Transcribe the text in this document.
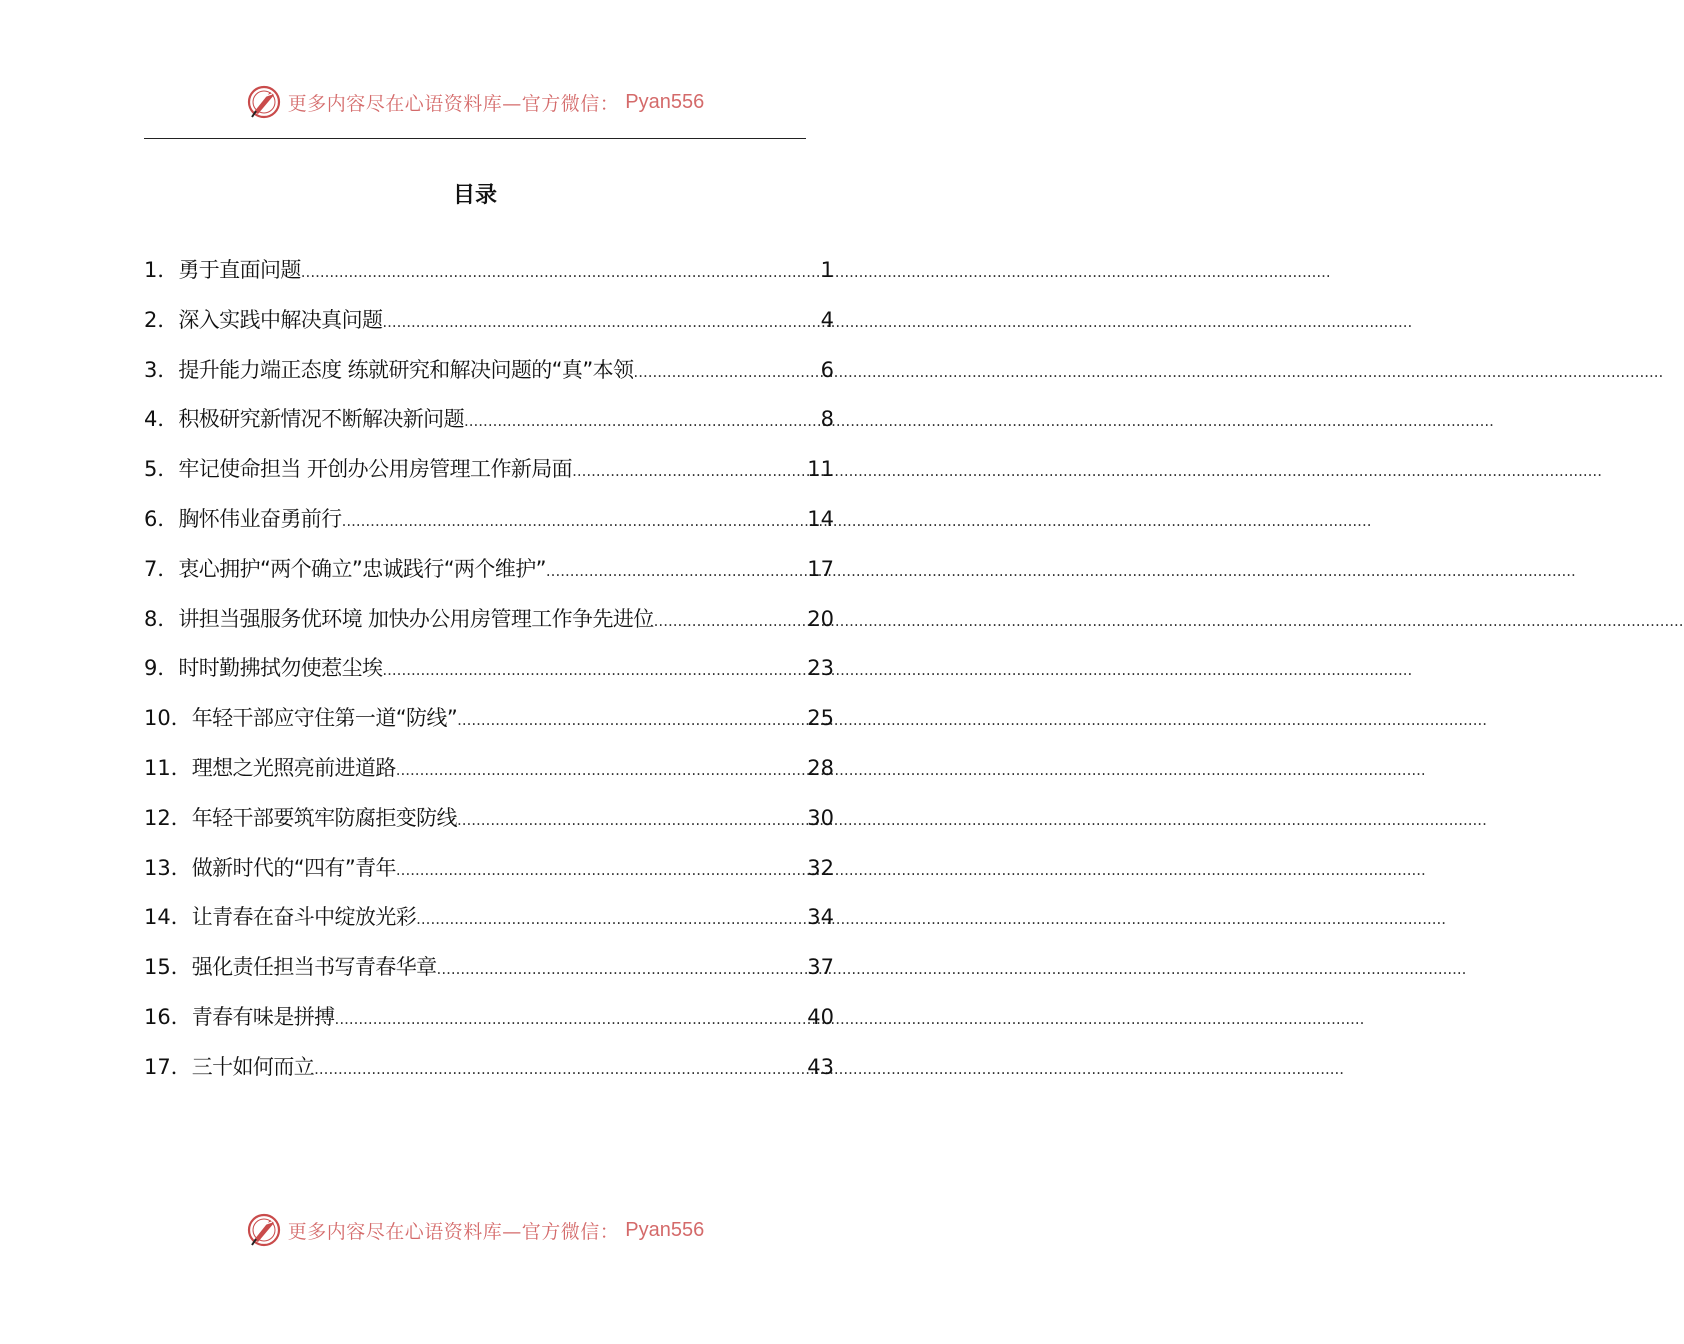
更多内容尽在心语资料库—官方微信： Pyan556
目录
1． 勇于直面问题 .....	1
2． 深入实践中解决真问题 .....	4
3． 提升能力端正态度 练就研究和解决问题的“真”本领 .....	6
4． 积极研究新情况不断解决新问题 .....	8
5． 牢记使命担当 开创办公用房管理工作新局面 .....	11
6． 胸怀伟业奋勇前行 .....	14
7． 衷心拥护“两个确立”忠诚践行“两个维护” .....	17
8． 讲担当强服务优环境 加快办公用房管理工作争先进位 .....	20
9． 时时勤拂拭勿使惹尘埃 .....	23
10． 年轻干部应守住第一道“防线” .....	25
11． 理想之光照亮前进道路 .....	28
12． 年轻干部要筑牢防腐拒变防线 .....	30
13． 做新时代的“四有”青年 .....	32
14． 让青春在奋斗中绽放光彩 .....	34
15． 强化责任担当书写青春华章 .....	37
16． 青春有味是拼搏 .....	40
17． 三十如何而立 .....	43
更多内容尽在心语资料库—官方微信： Pyan556
